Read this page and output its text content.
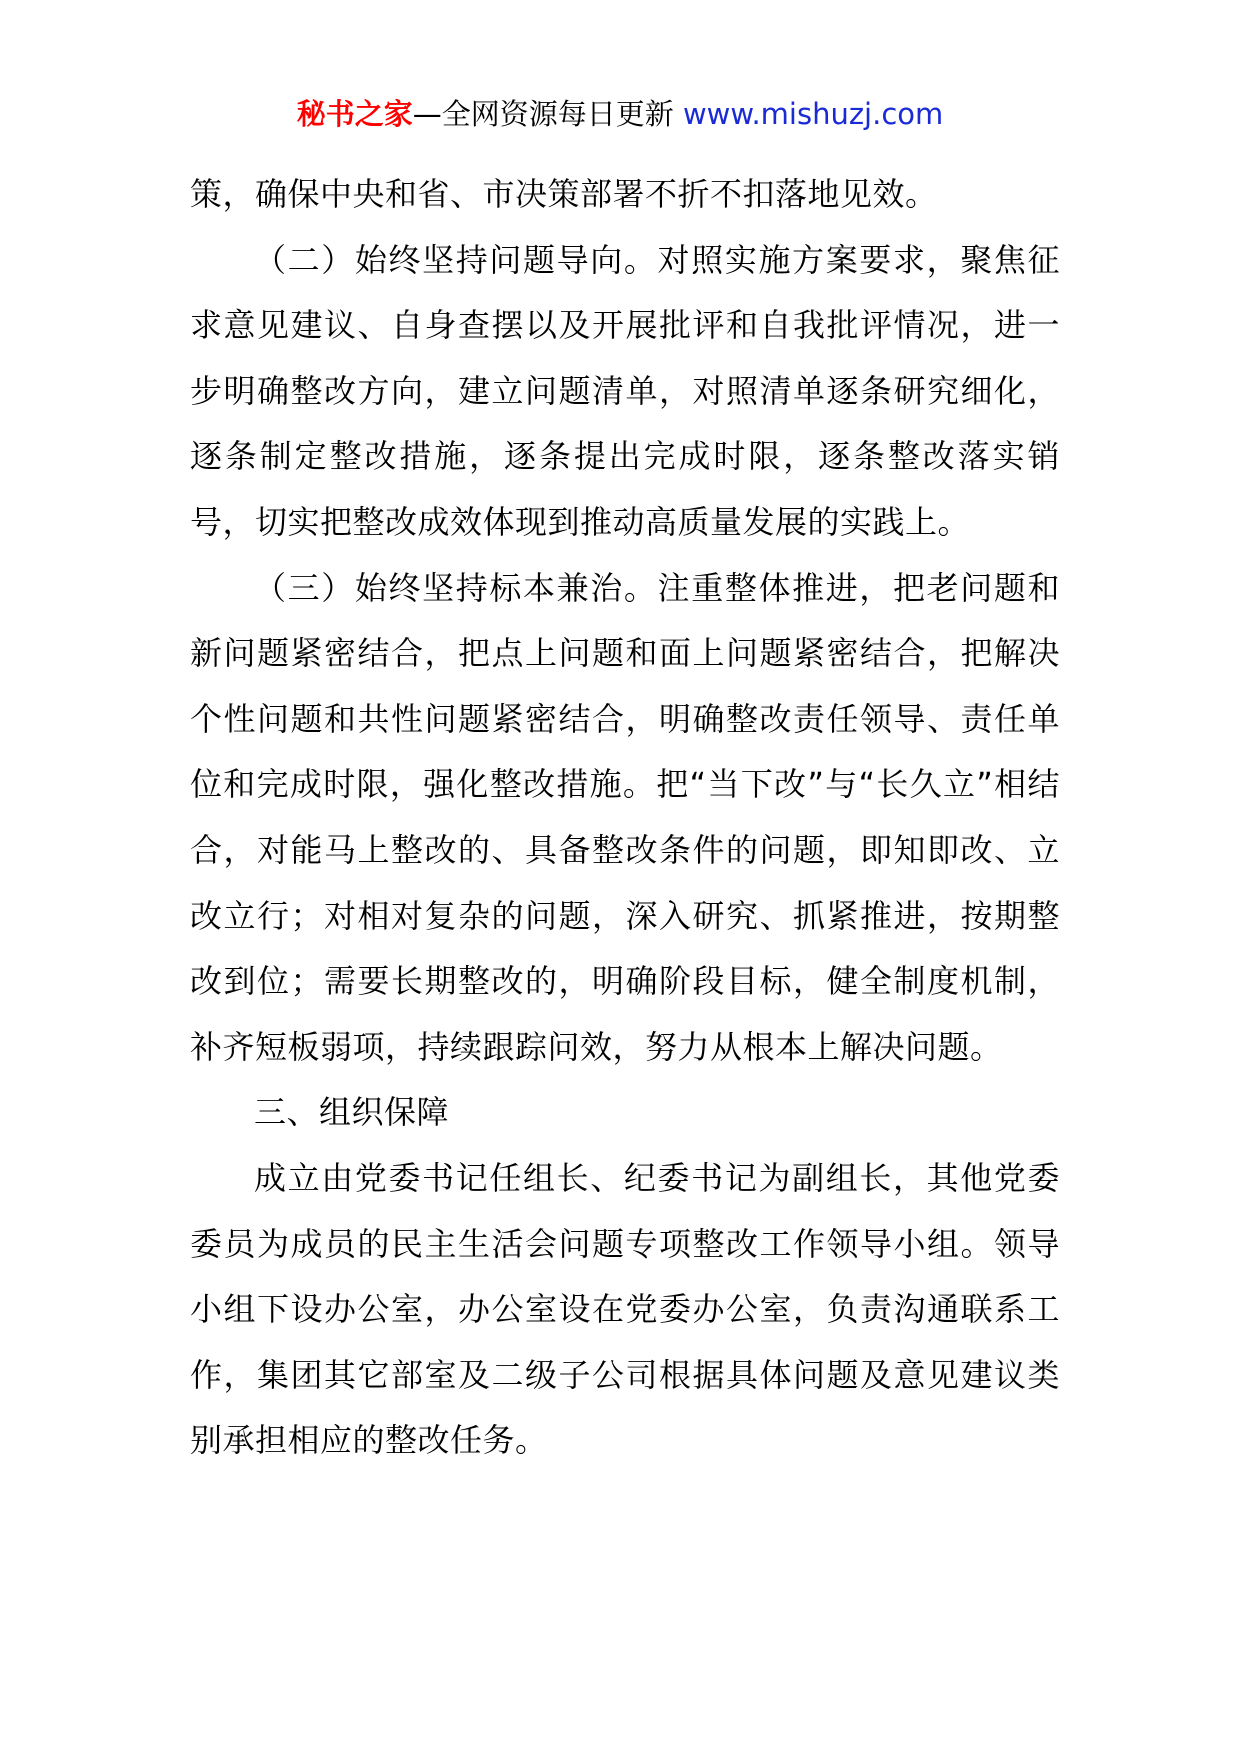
秘书之家—全网资源每日更新 www.mishuzj.com

策，确保中央和省、市决策部署不折不扣落地见效。

（二）始终坚持问题导向。对照实施方案要求，聚焦征求意见建议、自身查摆以及开展批评和自我批评情况，进一步明确整改方向，建立问题清单，对照清单逐条研究细化，逐条制定整改措施，逐条提出完成时限，逐条整改落实销号，切实把整改成效体现到推动高质量发展的实践上。

（三）始终坚持标本兼治。注重整体推进，把老问题和新问题紧密结合，把点上问题和面上问题紧密结合，把解决个性问题和共性问题紧密结合，明确整改责任领导、责任单位和完成时限，强化整改措施。把“当下改”与“长久立”相结合，对能马上整改的、具备整改条件的问题，即知即改、立改立行；对相对复杂的问题，深入研究、抓紧推进，按期整改到位；需要长期整改的，明确阶段目标，健全制度机制，补齐短板弱项，持续跟踪问效，努力从根本上解决问题。

三、组织保障

成立由党委书记任组长、纪委书记为副组长，其他党委委员为成员的民主生活会问题专项整改工作领导小组。领导小组下设办公室，办公室设在党委办公室，负责沟通联系工作，集团其它部室及二级子公司根据具体问题及意见建议类别承担相应的整改任务。
